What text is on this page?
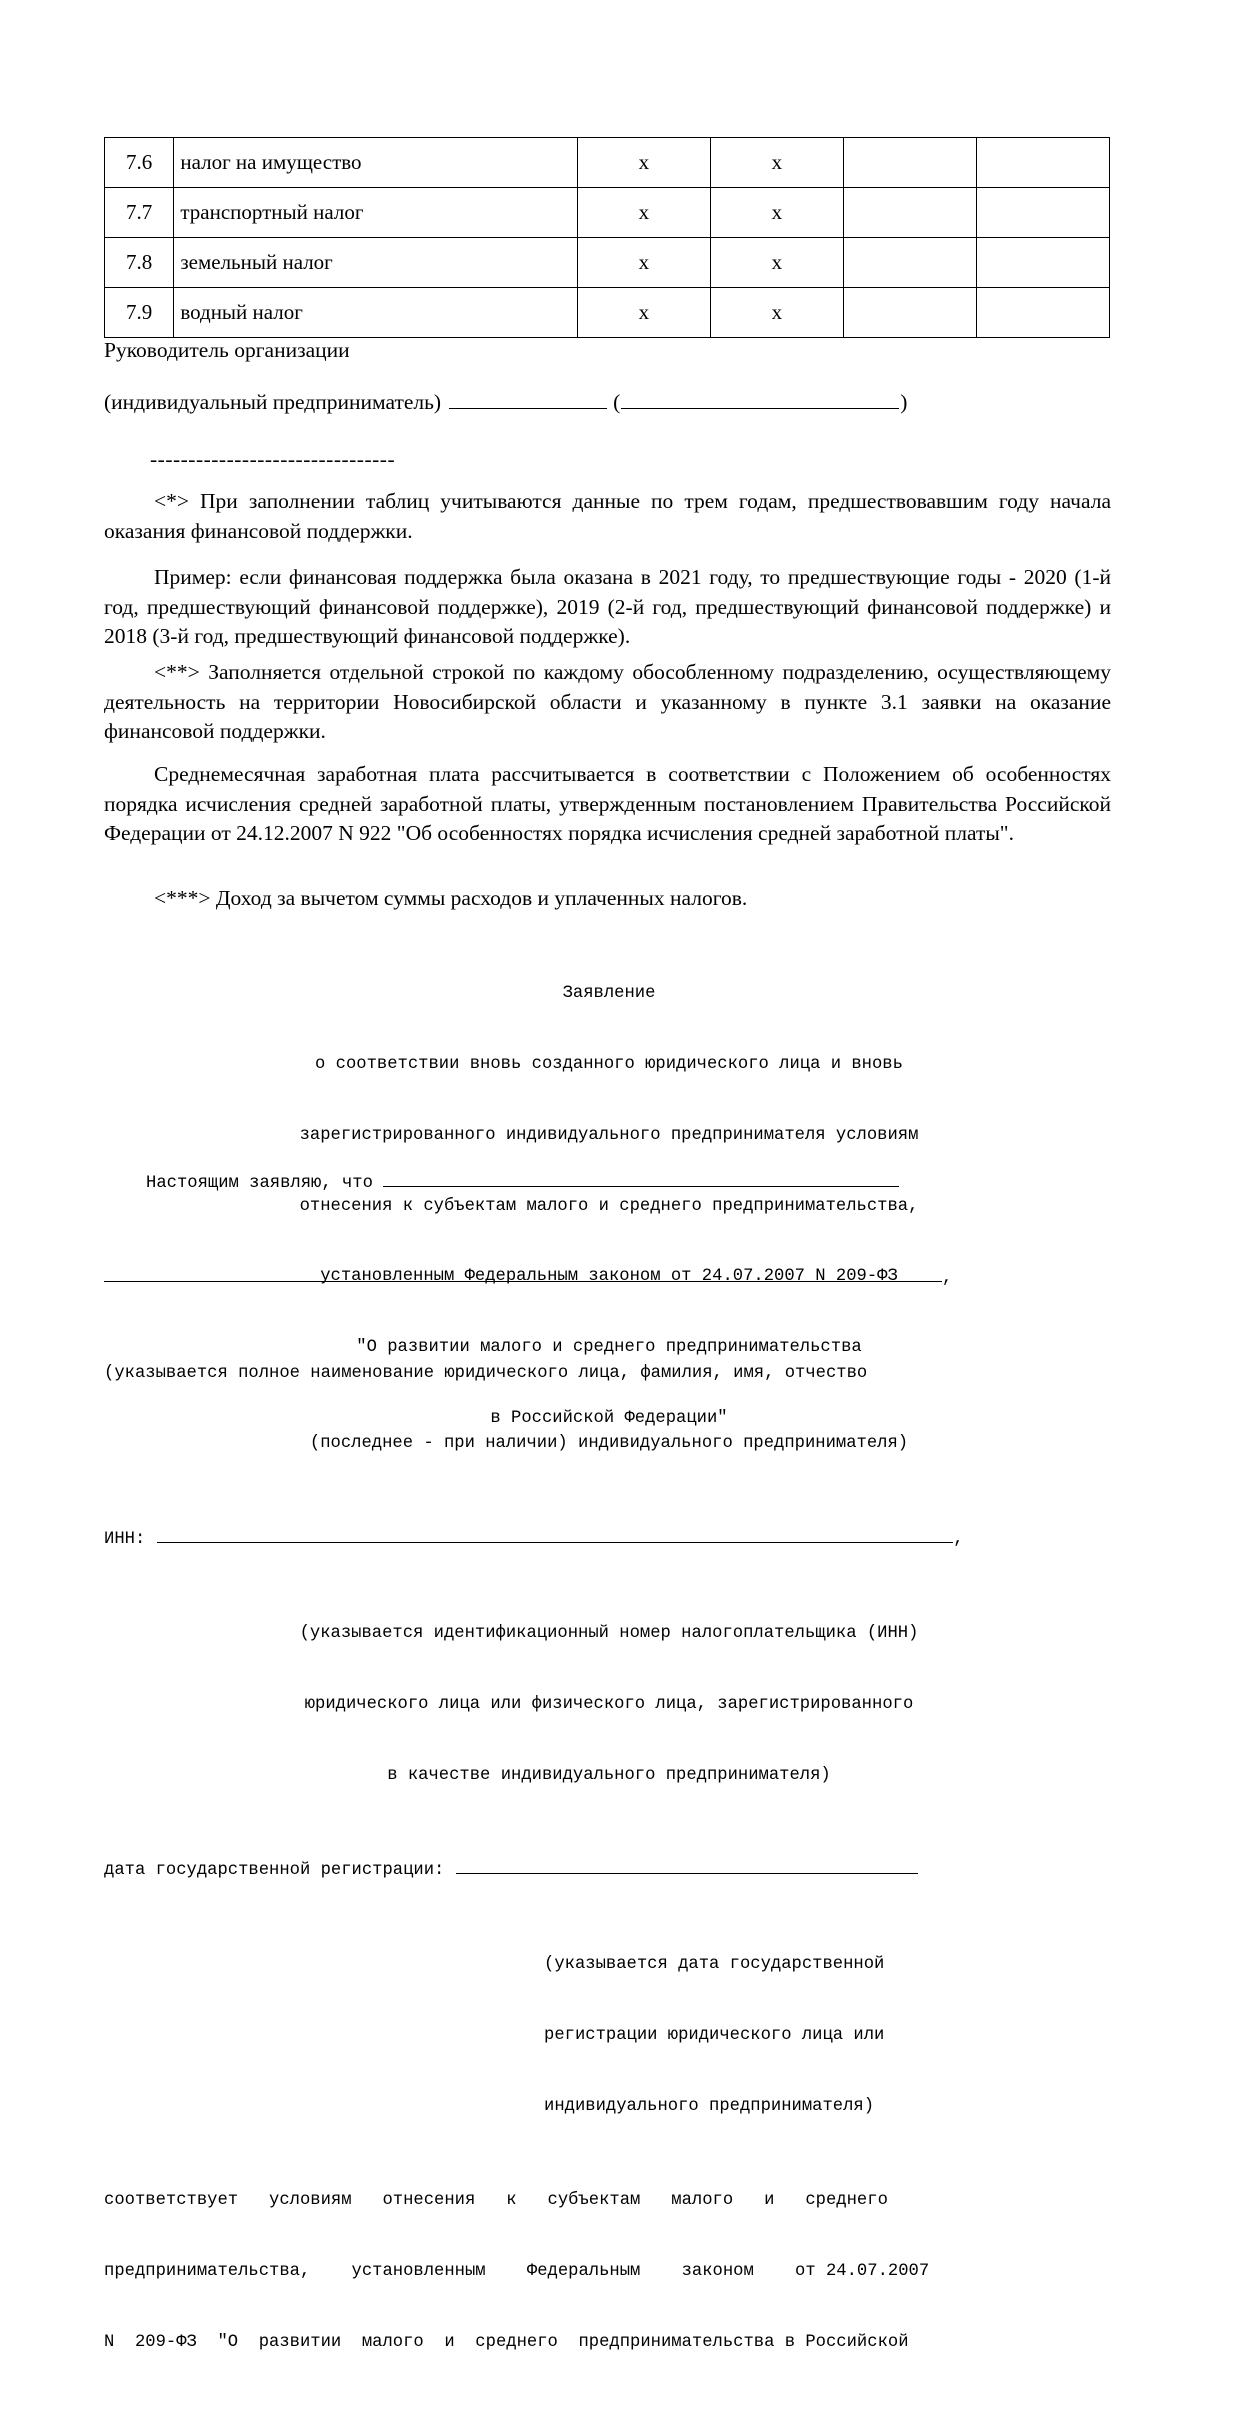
7.6	налог на имущество	x	x		
7.7	транспортный налог	x	x		
7.8	земельный налог	x	x		
7.9	водный налог	x	x		
Руководитель организации
(индивидуальный предприниматель)	(	)
--------------------------------
<*> При заполнении таблиц учитываются данные по трем годам, предшествовавшим году начала оказания финансовой поддержки.
Пример: если финансовая поддержка была оказана в 2021 году, то предшествующие годы - 2020 (1-й год, предшествующий финансовой поддержке), 2019 (2-й год, предшествующий финансовой поддержке) и 2018 (3-й год, предшествующий финансовой поддержке).
<**> Заполняется отдельной строкой по каждому обособленному подразделению, осуществляющему деятельность на территории Новосибирской области и указанному в пункте 3.1 заявки на оказание финансовой поддержки.
Среднемесячная заработная плата рассчитывается в соответствии с Положением об особенностях порядка исчисления средней заработной платы, утвержденным постановлением Правительства Российской Федерации от 24.12.2007 N 922 "Об особенностях порядка исчисления средней заработной платы".
<***> Доход за вычетом суммы расходов и уплаченных налогов.

Заявление

о соответствии вновь созданного юридического лица и вновь

зарегистрированного индивидуального предпринимателя условиям

отнесения к субъектам малого и среднего предпринимательства,

установленным Федеральным законом от 24.07.2007 N 209-ФЗ

"О развитии малого и среднего предпринимательства

в Российской Федерации"

Настоящим заявляю, что

,

(указывается полное наименование юридического лица, фамилия, имя, отчество

(последнее - при наличии) индивидуального предпринимателя)

ИНН:	,

(указывается идентификационный номер налогоплательщика (ИНН)

юридического лица или физического лица, зарегистрированного

в качестве индивидуального предпринимателя)

дата государственной регистрации:

(указывается дата государственной

регистрации юридического лица или

индивидуального предпринимателя)

соответствует   условиям   отнесения   к   субъектам   малого   и   среднего

предпринимательства,    установленным    Федеральным    законом    от 24.07.2007

N  209-ФЗ  "О  развитии  малого  и  среднего  предпринимательства в Российской
